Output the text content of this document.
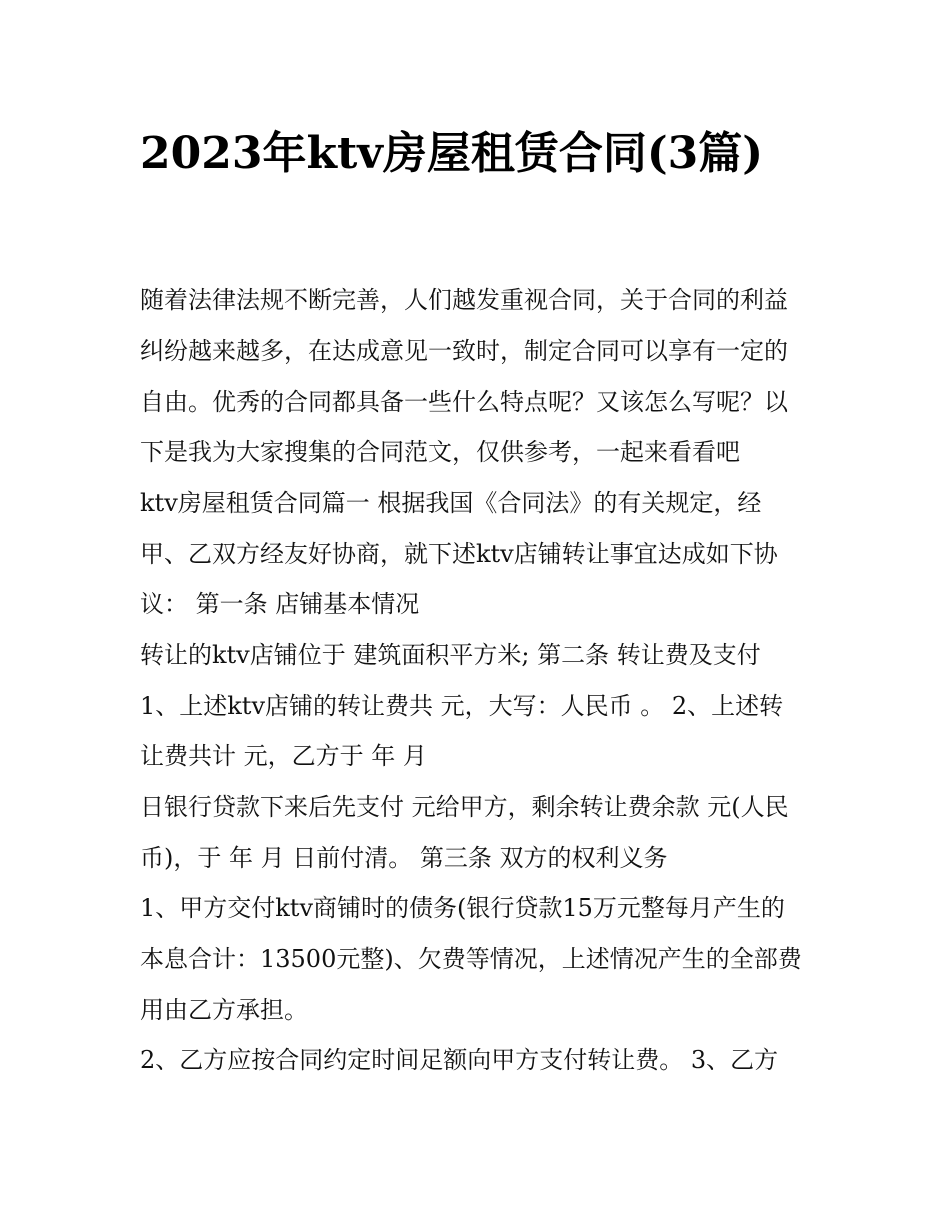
2023年ktv房屋租赁合同(3篇)

随着法律法规不断完善，人们越发重视合同，关于合同的利益

纠纷越来越多，在达成意见一致时，制定合同可以享有一定的

自由。优秀的合同都具备一些什么特点呢？又该怎么写呢？以

下是我为大家搜集的合同范文，仅供参考，一起来看看吧

ktv房屋租赁合同篇一 根据我国《合同法》的有关规定，经

甲、乙双方经友好协商，就下述ktv店铺转让事宜达成如下协

议： 第一条 店铺基本情况

转让的ktv店铺位于 建筑面积平方米; 第二条 转让费及支付

1、上述ktv店铺的转让费共 元，大写：人民币 。 2、上述转

让费共计 元，乙方于 年 月

日银行贷款下来后先支付 元给甲方，剩余转让费余款 元(人民

币)，于 年 月 日前付清。 第三条 双方的权利义务

1、甲方交付ktv商铺时的债务(银行贷款15万元整每月产生的

本息合计：13500元整)、欠费等情况，上述情况产生的全部费

用由乙方承担。

2、乙方应按合同约定时间足额向甲方支付转让费。 3、乙方
